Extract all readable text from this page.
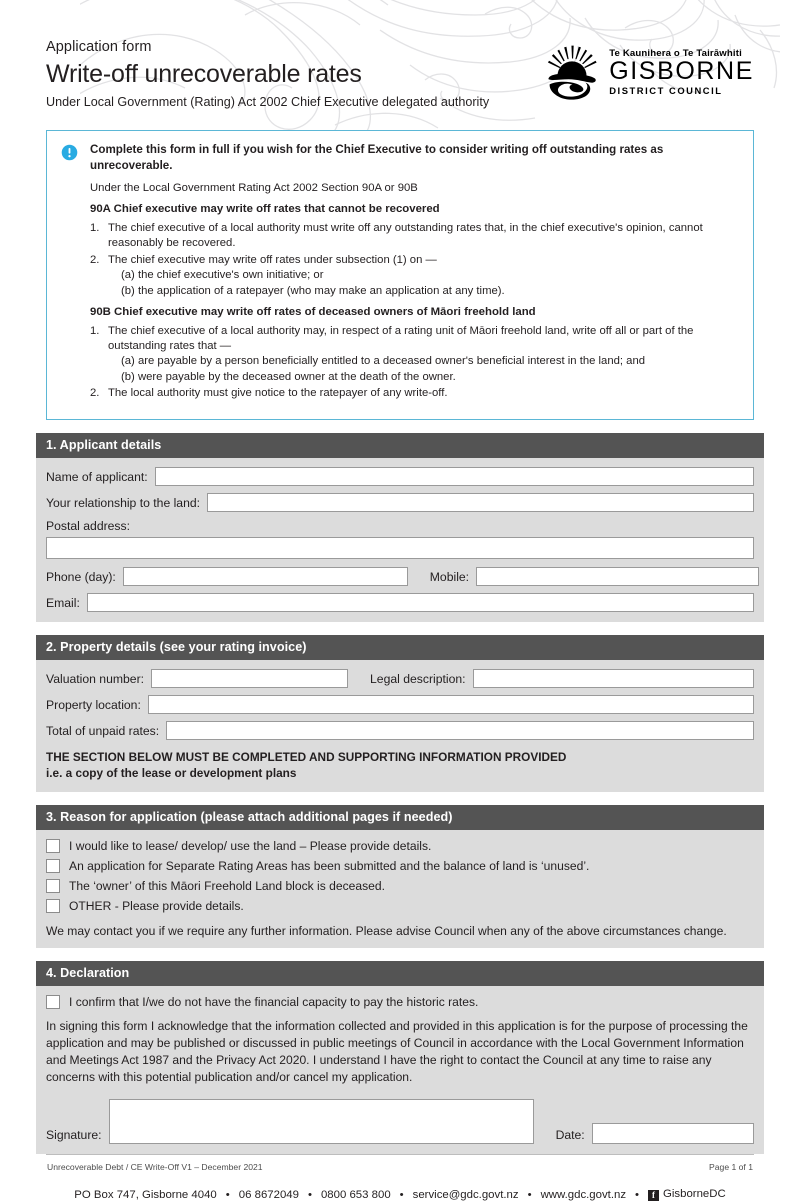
Application form
Write-off unrecoverable rates
Under Local Government (Rating) Act 2002 Chief Executive delegated authority
Te Kaunihera o Te Tairāwhiti
GISBORNE
DISTRICT COUNCIL
Complete this form in full if you wish for the Chief Executive to consider writing off outstanding rates as unrecoverable.
Under the Local Government Rating Act 2002 Section 90A or 90B
90A Chief executive may write off rates that cannot be recovered
1. The chief executive of a local authority must write off any outstanding rates that, in the chief executive's opinion, cannot reasonably be recovered.
2. The chief executive may write off rates under subsection (1) on —
(a) the chief executive's own initiative; or
(b) the application of a ratepayer (who may make an application at any time).
90B Chief executive may write off rates of deceased owners of Māori freehold land
1. The chief executive of a local authority may, in respect of a rating unit of Māori freehold land, write off all or part of the outstanding rates that —
(a) are payable by a person beneficially entitled to a deceased owner's beneficial interest in the land; and
(b) were payable by the deceased owner at the death of the owner.
2. The local authority must give notice to the ratepayer of any write-off.
1. Applicant details
Name of applicant:
Your relationship to the land:
Postal address:
Phone (day):	Mobile:
Email:
2. Property details (see your rating invoice)
Valuation number:	Legal description:
Property location:
Total of unpaid rates:
THE SECTION BELOW MUST BE COMPLETED AND SUPPORTING INFORMATION PROVIDED
i.e. a copy of the lease or development plans
3. Reason for application (please attach additional pages if needed)
I would like to lease/ develop/ use the land – Please provide details.
An application for Separate Rating Areas has been submitted and the balance of land is ‘unused’.
The ‘owner’ of this Māori Freehold Land block is deceased.
OTHER - Please provide details.
We may contact you if we require any further information. Please advise Council when any of the above circumstances change.
4. Declaration
I confirm that I/we do not have the financial capacity to pay the historic rates.
In signing this form I acknowledge that the information collected and provided in this application is for the purpose of processing the application and may be published or discussed in public meetings of Council in accordance with the Local Government Information and Meetings Act 1987 and the Privacy Act 2020. I understand I have the right to contact the Council at any time to raise any concerns with this potential publication and/or cancel my application.
Signature:	Date:
Unrecoverable Debt / CE Write-Off V1 – December 2021	Page 1 of 1
PO Box 747, Gisborne 4040 • 06 8672049 • 0800 653 800 • service@gdc.govt.nz • www.gdc.govt.nz •	f GisborneDC
